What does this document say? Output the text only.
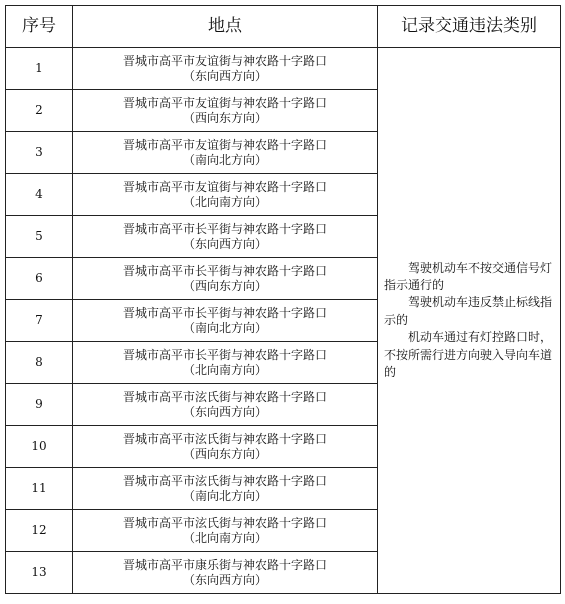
序号	地点	记录交通违法类别
1	晋城市高平市友谊街与神农路十字路口
（东向西方向）	　　驾驶机动车不按交通信号灯指示通行的
　　驾驶机动车违反禁止标线指示的
　　机动车通过有灯控路口时，不按所需行进方向驶入导向车道的

2	晋城市高平市友谊街与神农路十字路口
（西向东方向）	

3	晋城市高平市友谊街与神农路十字路口
（南向北方向）	

4	晋城市高平市友谊街与神农路十字路口
（北向南方向）	

5	晋城市高平市长平街与神农路十字路口
（东向西方向）	

6	晋城市高平市长平街与神农路十字路口
（西向东方向）	

7	晋城市高平市长平街与神农路十字路口
（南向北方向）	

8	晋城市高平市长平街与神农路十字路口
（北向南方向）	

9	晋城市高平市泫氏街与神农路十字路口
（东向西方向）	

10	晋城市高平市泫氏街与神农路十字路口
（西向东方向）	

11	晋城市高平市泫氏街与神农路十字路口
（南向北方向）	

12	晋城市高平市泫氏街与神农路十字路口
（北向南方向）	

13	晋城市高平市康乐街与神农路十字路口
（东向西方向）	
